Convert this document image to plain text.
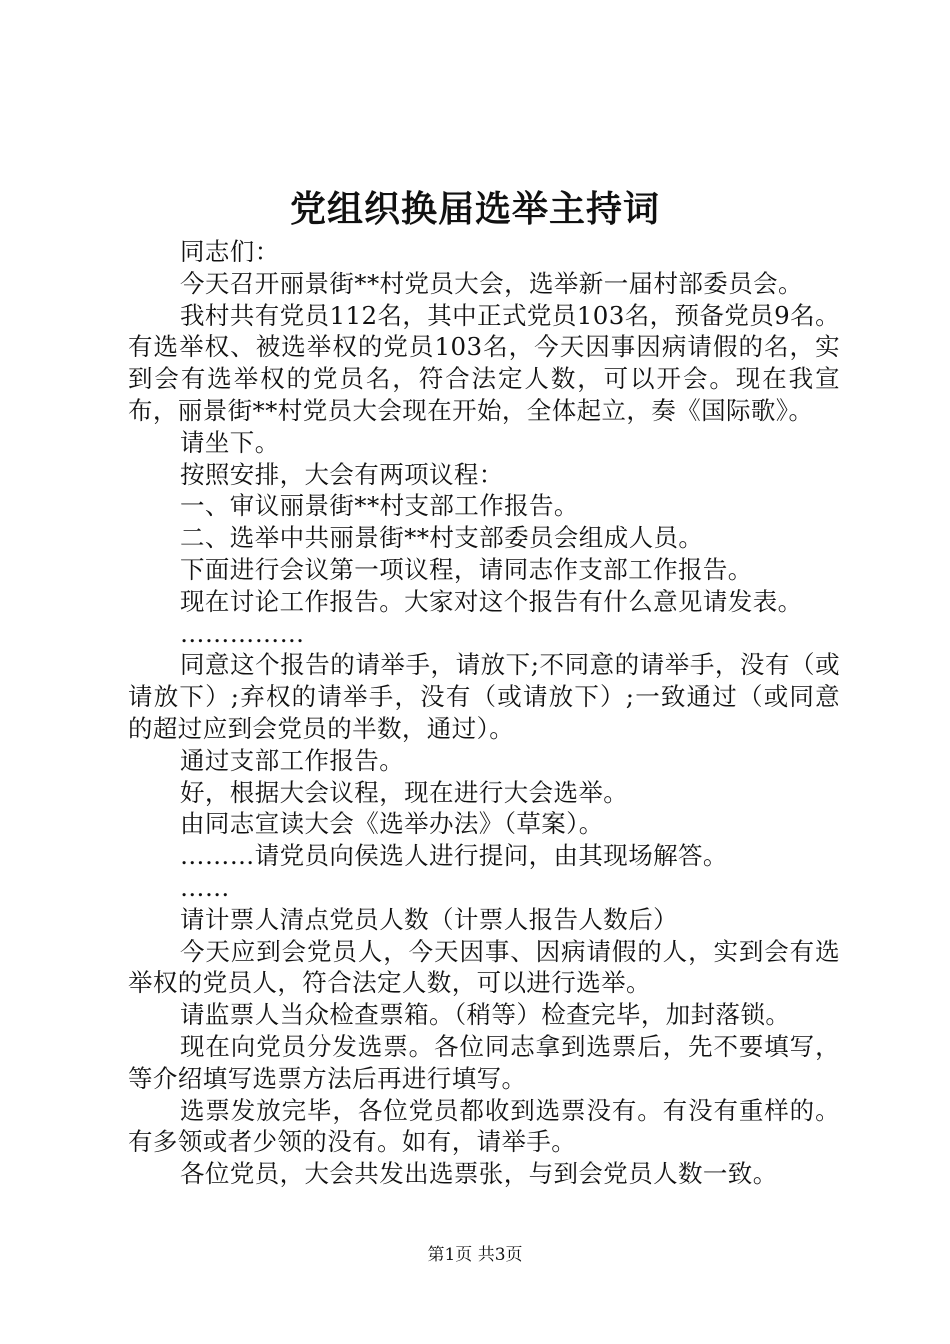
党组织换届选举主持词

同志们：

今天召开丽景街**村党员大会，选举新一届村部委员会。

我村共有党员112名，其中正式党员103名，预备党员9名。有选举权、被选举权的党员103名，今天因事因病请假的名，实到会有选举权的党员名，符合法定人数，可以开会。现在我宣布，丽景街**村党员大会现在开始，全体起立，奏《国际歌》。

请坐下。

按照安排，大会有两项议程：

一、审议丽景街**村支部工作报告。

二、选举中共丽景街**村支部委员会组成人员。

下面进行会议第一项议程，请同志作支部工作报告。

现在讨论工作报告。大家对这个报告有什么意见请发表。

……………

同意这个报告的请举手，请放下;不同意的请举手，没有（或请放下）;弃权的请举手，没有（或请放下）;一致通过（或同意的超过应到会党员的半数，通过）。

通过支部工作报告。

好，根据大会议程，现在进行大会选举。

由同志宣读大会《选举办法》（草案）。

………请党员向侯选人进行提问，由其现场解答。

……

请计票人清点党员人数（计票人报告人数后）

今天应到会党员人，今天因事、因病请假的人，实到会有选举权的党员人，符合法定人数，可以进行选举。

请监票人当众检查票箱。（稍等）检查完毕，加封落锁。

现在向党员分发选票。各位同志拿到选票后，先不要填写，等介绍填写选票方法后再进行填写。

选票发放完毕，各位党员都收到选票没有。有没有重样的。有多领或者少领的没有。如有，请举手。

各位党员，大会共发出选票张，与到会党员人数一致。

第1页 共3页
